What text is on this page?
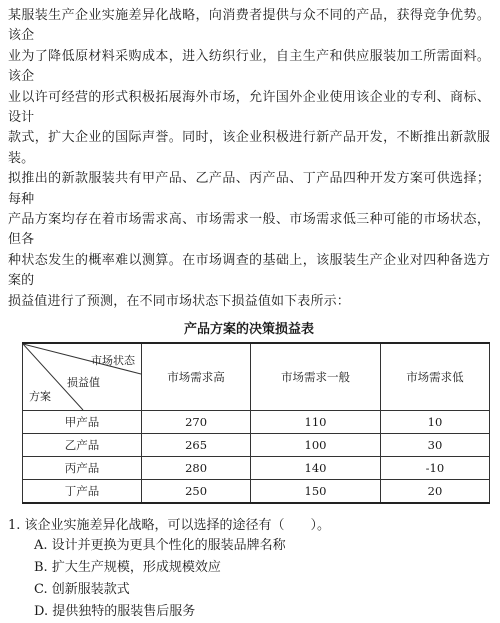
某服装生产企业实施差异化战略，向消费者提供与众不同的产品，获得竞争优势。该企

业为了降低原材料采购成本，进入纺织行业，自主生产和供应服装加工所需面料。该企

业以许可经营的形式积极拓展海外市场，允许国外企业使用该企业的专利、商标、设计

款式，扩大企业的国际声誉。同时，该企业积极进行新产品开发，不断推出新款服装。

拟推出的新款服装共有甲产品、乙产品、丙产品、丁产品四种开发方案可供选择；每种

产品方案均存在着市场需求高、市场需求一般、市场需求低三种可能的市场状态，但各

种状态发生的概率难以测算。在市场调查的基础上，该服装生产企业对四种备选方案的

损益值进行了预测，在不同市场状态下损益值如下表所示：

产品方案的决策损益表
市场状态
损益值
方案	市场需求高	市场需求一般	市场需求低
甲产品	270	110	10
乙产品	265	100	30
丙产品	280	140	-10
丁产品	250	150	20

1. 该企业实施差异化战略，可以选择的途径有（　　）。

A. 设计并更换为更具个性化的服装品牌名称

B. 扩大生产规模，形成规模效应

C. 创新服装款式

D. 提供独特的服装售后服务
